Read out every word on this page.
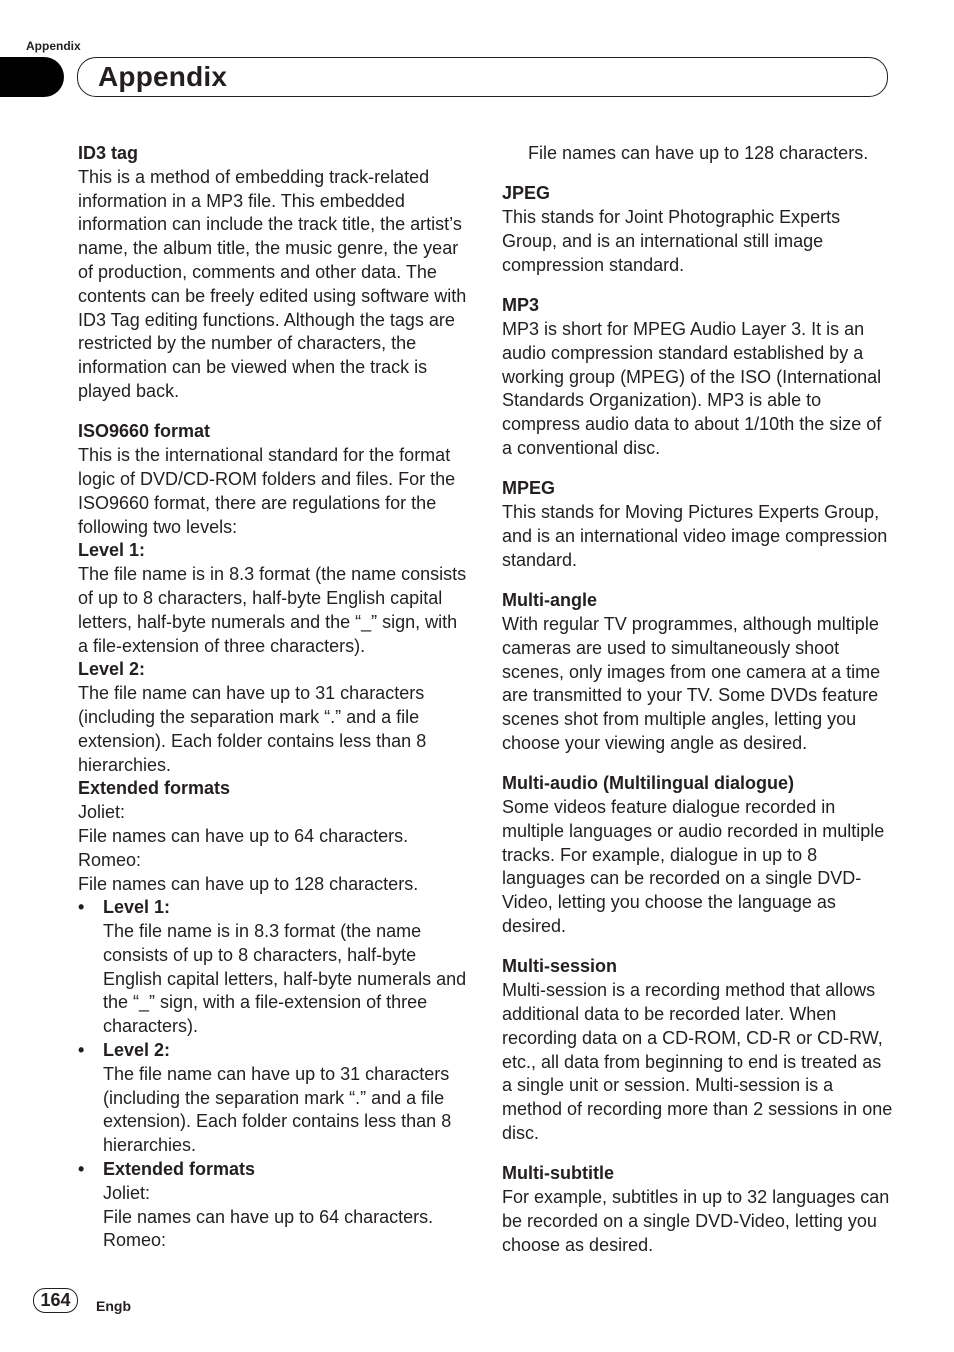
Appendix
Appendix

ID3 tag

This is a method of embedding track-related information in a MP3 file. This embedded information can include the track title, the artist’s name, the album title, the music genre, the year of production, comments and other data. The contents can be freely edited using software with ID3 Tag editing functions. Although the tags are restricted by the number of characters, the information can be viewed when the track is played back.

ISO9660 format

This is the international standard for the format logic of DVD/CD-ROM folders and files. For the ISO9660 format, there are regulations for the following two levels:

Level 1:

The file name is in 8.3 format (the name consists of up to 8 characters, half-byte English capital letters, half-byte numerals and the “_” sign, with a file-extension of three characters).

Level 2:

The file name can have up to 31 characters (including the separation mark “.” and a file extension). Each folder contains less than 8 hierarchies.

Extended formats

Joliet:

File names can have up to 64 characters.

Romeo:

File names can have up to 128 characters.

• Level 1:

The file name is in 8.3 format (the name consists of up to 8 characters, half-byte English capital letters, half-byte numerals and the “_” sign, with a file-extension of three characters).

• Level 2:

The file name can have up to 31 characters (including the separation mark “.” and a file extension). Each folder contains less than 8 hierarchies.

• Extended formats

Joliet:

File names can have up to 64 characters.

Romeo:

File names can have up to 128 characters.

JPEG

This stands for Joint Photographic Experts Group, and is an international still image compression standard.

MP3

MP3 is short for MPEG Audio Layer 3. It is an audio compression standard established by a working group (MPEG) of the ISO (International Standards Organization). MP3 is able to compress audio data to about 1/10th the size of a conventional disc.

MPEG

This stands for Moving Pictures Experts Group, and is an international video image compression standard.

Multi-angle

With regular TV programmes, although multiple cameras are used to simultaneously shoot scenes, only images from one camera at a time are transmitted to your TV. Some DVDs feature scenes shot from multiple angles, letting you choose your viewing angle as desired.

Multi-audio (Multilingual dialogue)

Some videos feature dialogue recorded in multiple languages or audio recorded in multiple tracks. For example, dialogue in up to 8 languages can be recorded on a single DVD-Video, letting you choose the language as desired.

Multi-session

Multi-session is a recording method that allows additional data to be recorded later. When recording data on a CD-ROM, CD-R or CD-RW, etc., all data from beginning to end is treated as a single unit or session. Multi-session is a method of recording more than 2 sessions in one disc.

Multi-subtitle

For example, subtitles in up to 32 languages can be recorded on a single DVD-Video, letting you choose as desired.

164	Engb
